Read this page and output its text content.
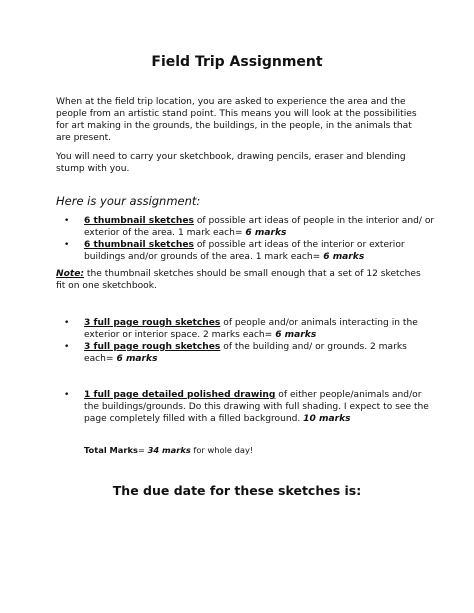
Field Trip Assignment

When at the field trip location, you are asked to experience the area and the people from an artistic stand point. This means you will look at the possibilities for art making in the grounds, the buildings, in the people, in the animals that are present.

You will need to carry your sketchbook, drawing pencils, eraser and blending stump with you.

Here is your assignment:
• 6 thumbnail sketches of possible art ideas of people in the interior and/ or exterior of the area. 1 mark each= 6 marks
• 6 thumbnail sketches of possible art ideas of the interior or exterior buildings and/or grounds of the area. 1 mark each= 6 marks

Note: the thumbnail sketches should be small enough that a set of 12 sketches fit on one sketchbook.

• 3 full page rough sketches of people and/or animals interacting in the exterior or interior space. 2 marks each= 6 marks
• 3 full page rough sketches of the building and/ or grounds. 2 marks each= 6 marks
• 1 full page detailed polished drawing of either people/animals and/or the buildings/grounds. Do this drawing with full shading. I expect to see the page completely filled with a filled background. 10 marks
Total Marks= 34 marks for whole day!
The due date for these sketches is:
